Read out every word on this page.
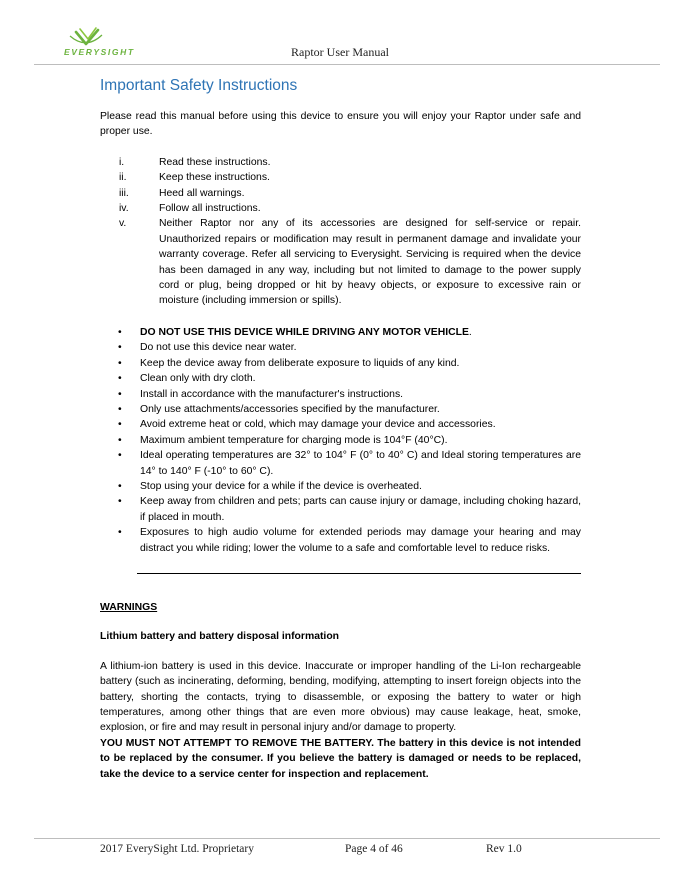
EVERYSIGHT	Raptor User Manual
Important Safety Instructions

Please read this manual before using this device to ensure you will enjoy your Raptor under safe and proper use.

i.	Read these instructions.
ii.	Keep these instructions.
iii.	Heed all warnings.
iv.	Follow all instructions.
v.	Neither Raptor nor any of its accessories are designed for self-service or repair. Unauthorized repairs or modification may result in permanent damage and invalidate your warranty coverage. Refer all servicing to Everysight. Servicing is required when the device has been damaged in any way, including but not limited to damage to the power supply cord or plug, being dropped or hit by heavy objects, or exposure to excessive rain or moisture (including immersion or spills).
• DO NOT USE THIS DEVICE WHILE DRIVING ANY MOTOR VEHICLE.
• Do not use this device near water.
• Keep the device away from deliberate exposure to liquids of any kind.
• Clean only with dry cloth.
• Install in accordance with the manufacturer's instructions.
• Only use attachments/accessories specified by the manufacturer.
• Avoid extreme heat or cold, which may damage your device and accessories.
• Maximum ambient temperature for charging mode is 104°F (40°C).
• Ideal operating temperatures are 32° to 104° F (0° to 40° C) and Ideal storing temperatures are 14° to 140° F (-10° to 60° C).
• Stop using your device for a while if the device is overheated.
• Keep away from children and pets; parts can cause injury or damage, including choking hazard, if placed in mouth.
• Exposures to high audio volume for extended periods may damage your hearing and may distract you while riding; lower the volume to a safe and comfortable level to reduce risks.
WARNINGS
Lithium battery and battery disposal information

A lithium-ion battery is used in this device. Inaccurate or improper handling of the Li-Ion rechargeable battery (such as incinerating, deforming, bending, modifying, attempting to insert foreign objects into the battery, shorting the contacts, trying to disassemble, or exposing the battery to water or high temperatures, among other things that are even more obvious) may cause leakage, heat, smoke, explosion, or fire and may result in personal injury and/or damage to property.

YOU MUST NOT ATTEMPT TO REMOVE THE BATTERY. The battery in this device is not intended to be replaced by the consumer. If you believe the battery is damaged or needs to be replaced, take the device to a service center for inspection and replacement.

2017 EverySight Ltd. Proprietary	Page 4 of 46	Rev 1.0
